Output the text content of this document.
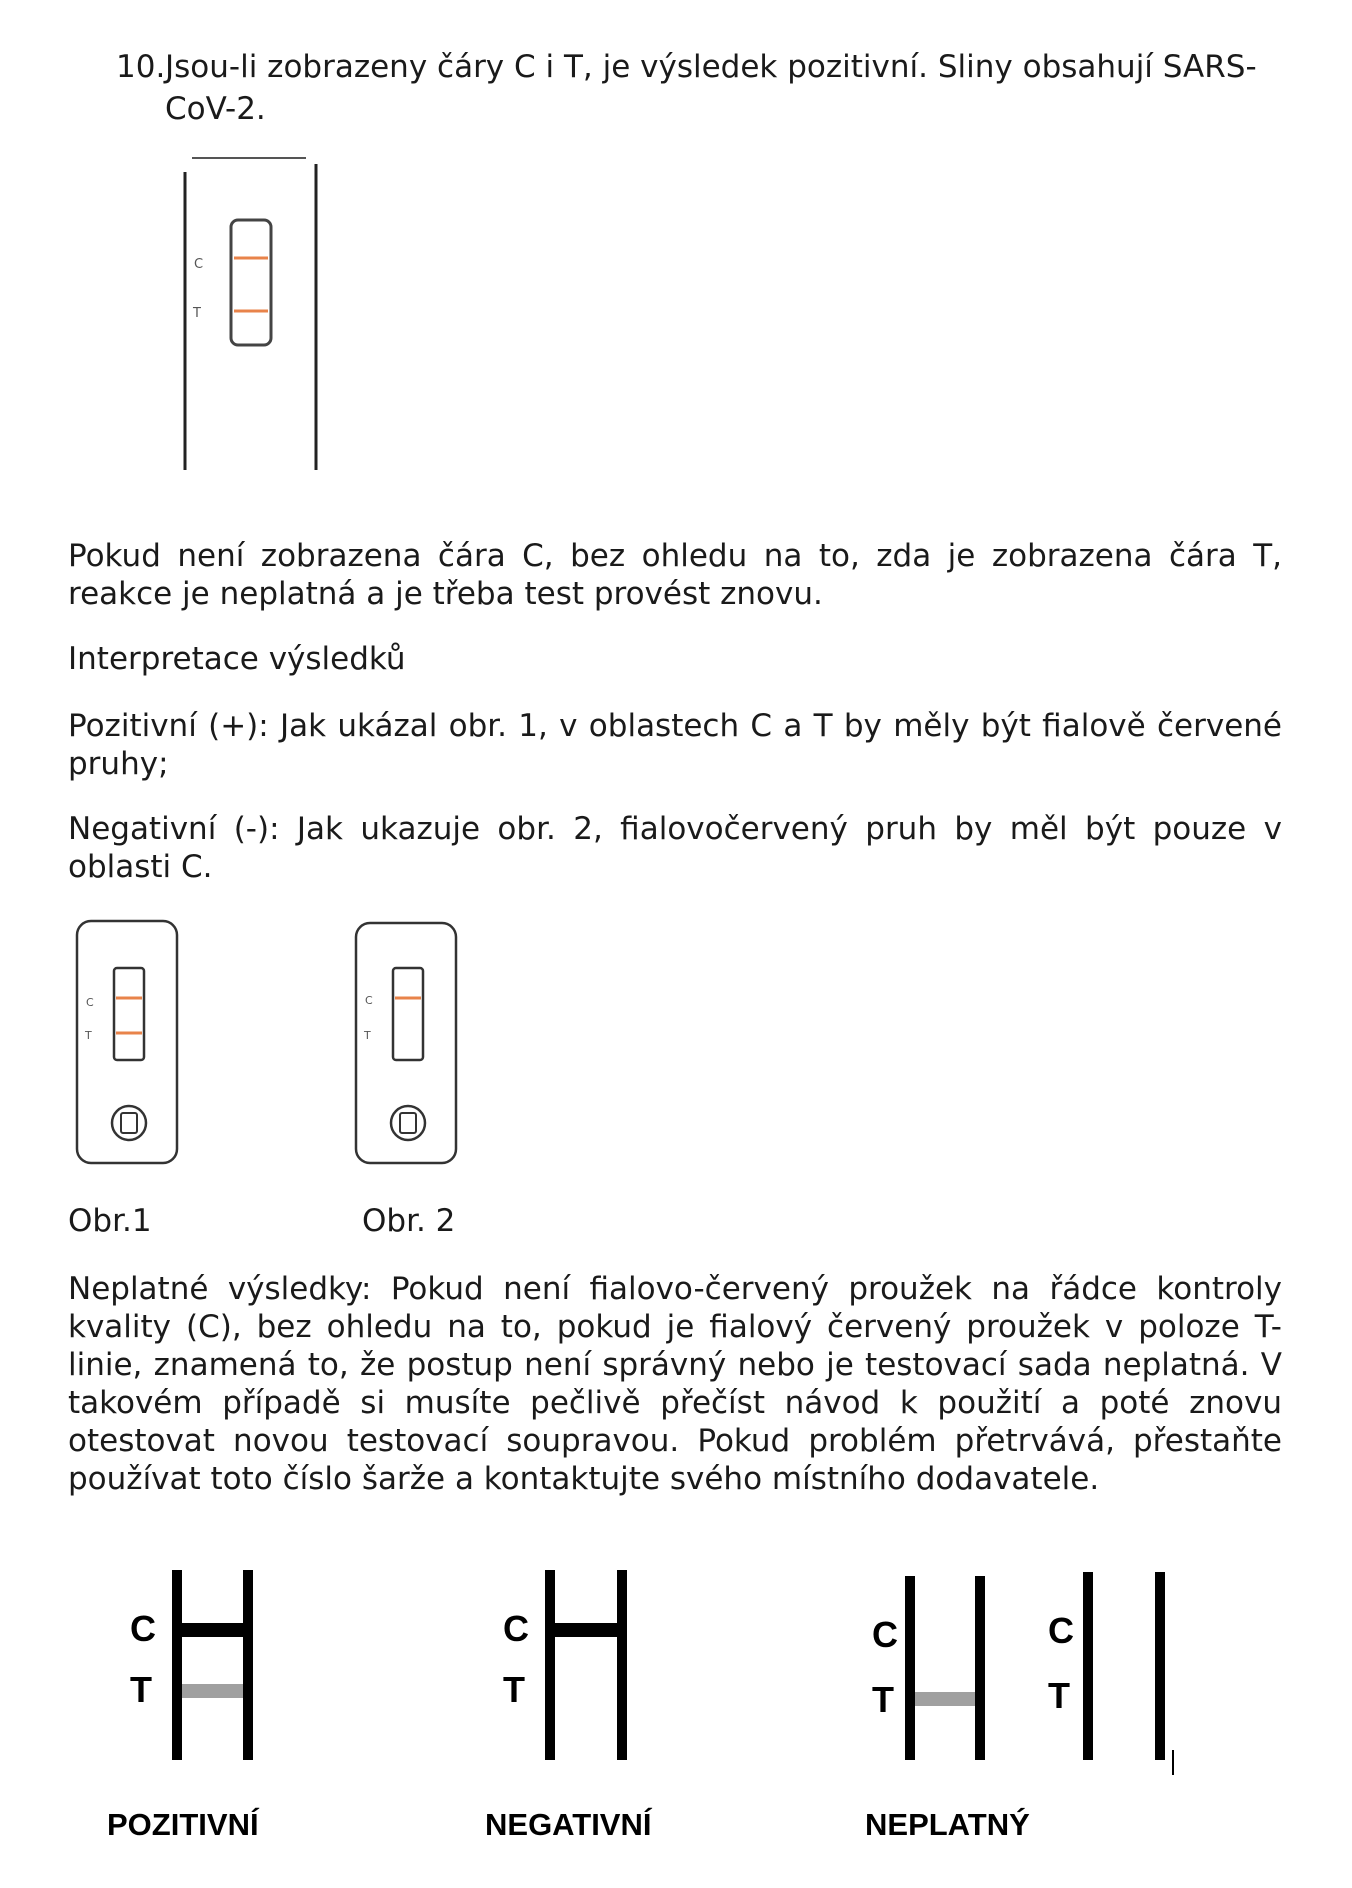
10.Jsou-li zobrazeny čáry C i T, je výsledek pozitivní. Sliny obsahují SARS-
CoV-2.

C
T

Pokud není zobrazena čára C, bez ohledu na to, zda je zobrazena čára T, reakce je neplatná a je třeba test provést znovu.

Interpretace výsledků

Pozitivní (+): Jak ukázal obr. 1, v oblastech C a T by měly být fialově červené pruhy;

Negativní (-): Jak ukazuje obr. 2, fialovočervený pruh by měl být pouze v oblasti C.

C
T
C
T
Obr.1	Obr. 2

Neplatné výsledky: Pokud není fialovo-červený proužek na řádce kontroly kvality (C), bez ohledu na to, pokud je fialový červený proužek v poloze T-linie, znamená to, že postup není správný nebo je testovací sada neplatná. V takovém případě si musíte pečlivě přečíst návod k použití a poté znovu otestovat novou testovací soupravou. Pokud problém přetrvává, přestaňte používat toto číslo šarže a kontaktujte svého místního dodavatele.

C
T
POZITIVNÍ
C
T
NEGATIVNÍ
C
T
NEPLATNÝ
C
T
